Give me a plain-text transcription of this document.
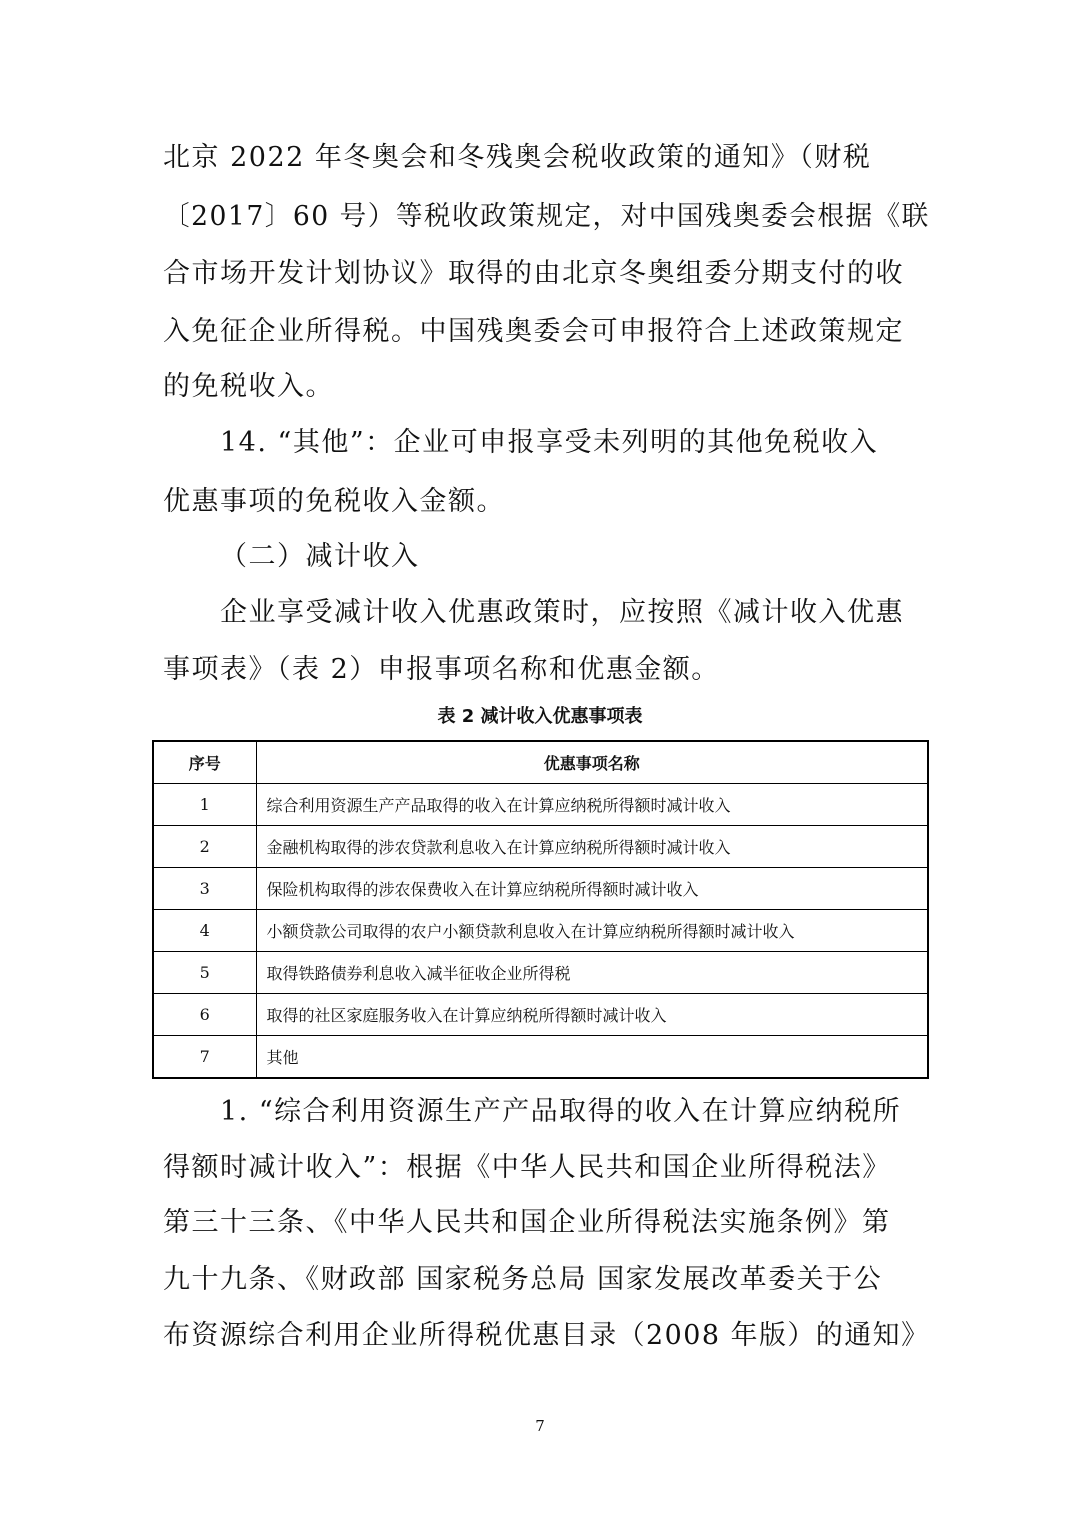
北京 2022 年冬奥会和冬残奥会税收政策的通知》（财税
〔2017〕60 号）等税收政策规定，对中国残奥委会根据《联
合市场开发计划协议》取得的由北京冬奥组委分期支付的收
入免征企业所得税。中国残奥委会可申报符合上述政策规定
的免税收入。
14. “其他”：企业可申报享受未列明的其他免税收入
优惠事项的免税收入金额。
（二）减计收入
企业享受减计收入优惠政策时，应按照《减计收入优惠
事项表》（表 2）申报事项名称和优惠金额。
表 2 减计收入优惠事项表
序号	优惠事项名称
1	综合利用资源生产产品取得的收入在计算应纳税所得额时减计收入
2	金融机构取得的涉农贷款利息收入在计算应纳税所得额时减计收入
3	保险机构取得的涉农保费收入在计算应纳税所得额时减计收入
4	小额贷款公司取得的农户小额贷款利息收入在计算应纳税所得额时减计收入
5	取得铁路债券利息收入减半征收企业所得税
6	取得的社区家庭服务收入在计算应纳税所得额时减计收入
7	其他
1. “综合利用资源生产产品取得的收入在计算应纳税所
得额时减计收入”：根据《中华人民共和国企业所得税法》
第三十三条、《中华人民共和国企业所得税法实施条例》第
九十九条、《财政部 国家税务总局 国家发展改革委关于公
布资源综合利用企业所得税优惠目录（2008 年版）的通知》
7
